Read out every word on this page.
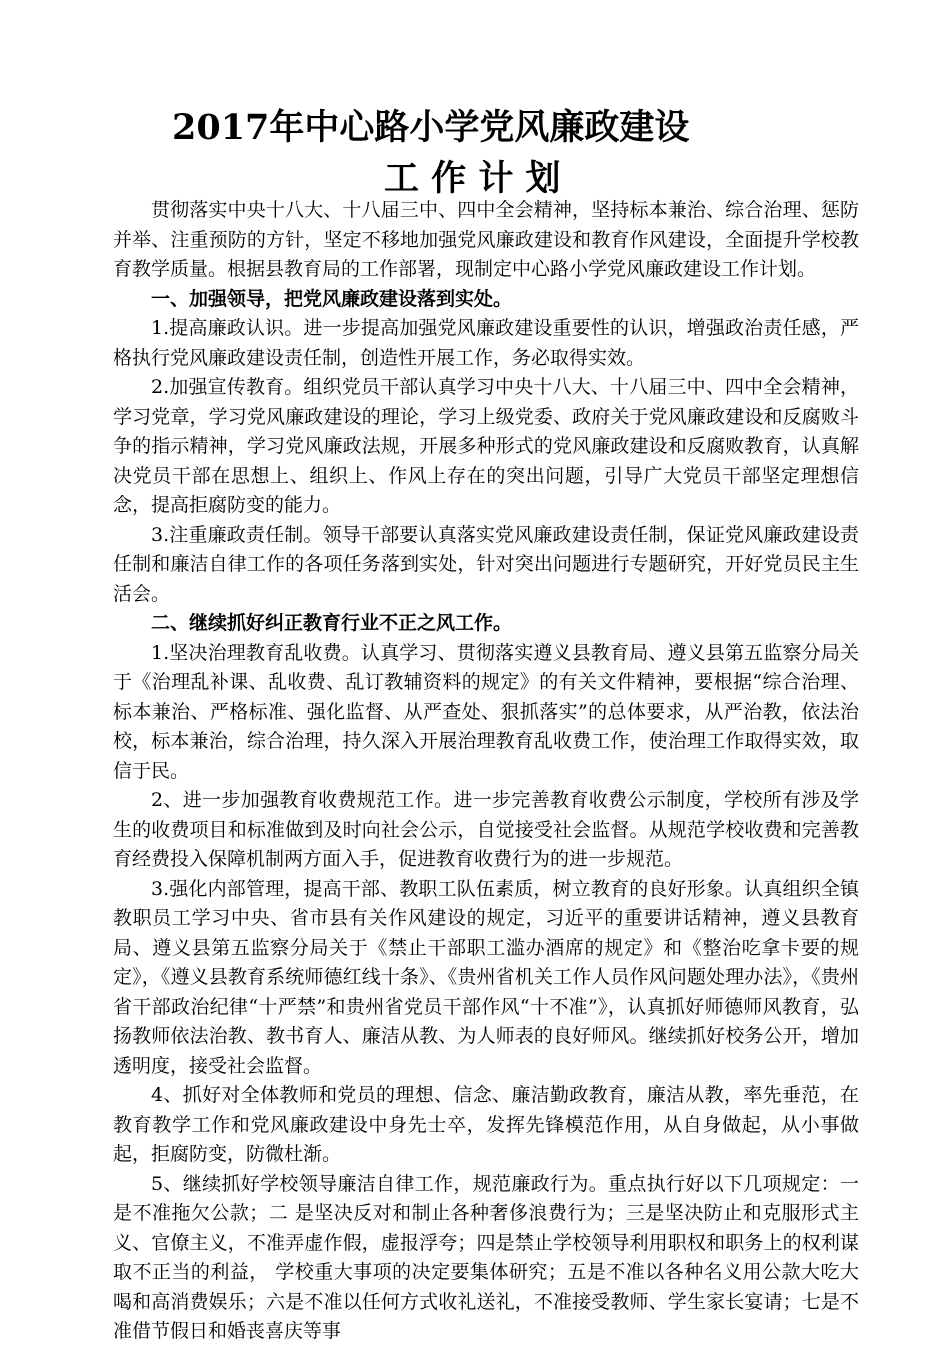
2017年中心路小学党风廉政建设
工 作 计 划

贯彻落实中央十八大、十八届三中、四中全会精神，坚持标本兼治、综合治理、惩防并举、注重预防的方针，坚定不移地加强党风廉政建设和教育作风建设，全面提升学校教育教学质量。根据县教育局的工作部署，现制定中心路小学党风廉政建设工作计划。

一、加强领导，把党风廉政建设落到实处。

1.提高廉政认识。进一步提高加强党风廉政建设重要性的认识，增强政治责任感，严格执行党风廉政建设责任制，创造性开展工作，务必取得实效。

2.加强宣传教育。组织党员干部认真学习中央十八大、十八届三中、四中全会精神，学习党章，学习党风廉政建设的理论，学习上级党委、政府关于党风廉政建设和反腐败斗争的指示精神，学习党风廉政法规，开展多种形式的党风廉政建设和反腐败教育，认真解决党员干部在思想上、组织上、作风上存在的突出问题，引导广大党员干部坚定理想信念，提高拒腐防变的能力。

3.注重廉政责任制。领导干部要认真落实党风廉政建设责任制，保证党风廉政建设责任制和廉洁自律工作的各项任务落到实处，针对突出问题进行专题研究，开好党员民主生活会。

二、继续抓好纠正教育行业不正之风工作。

1.坚决治理教育乱收费。认真学习、贯彻落实遵义县教育局、遵义县第五监察分局关于《治理乱补课、乱收费、乱订教辅资料的规定》的有关文件精神，要根据“综合治理、标本兼治、严格标准、强化监督、从严查处、狠抓落实”的总体要求，从严治教，依法治校，标本兼治，综合治理，持久深入开展治理教育乱收费工作，使治理工作取得实效，取信于民。

2、进一步加强教育收费规范工作。进一步完善教育收费公示制度，学校所有涉及学生的收费项目和标准做到及时向社会公示，自觉接受社会监督。从规范学校收费和完善教育经费投入保障机制两方面入手，促进教育收费行为的进一步规范。

3.强化内部管理，提高干部、教职工队伍素质，树立教育的良好形象。认真组织全镇教职员工学习中央、省市县有关作风建设的规定，习近平的重要讲话精神，遵义县教育局、遵义县第五监察分局关于《禁止干部职工滥办酒席的规定》和《整治吃拿卡要的规定》，《遵义县教育系统师德红线十条》、《贵州省机关工作人员作风问题处理办法》，《贵州省干部政治纪律“十严禁”和贵州省党员干部作风“十不准”》，认真抓好师德师风教育，弘扬教师依法治教、教书育人、廉洁从教、为人师表的良好师风。继续抓好校务公开，增加透明度，接受社会监督。

4、抓好对全体教师和党员的理想、信念、廉洁勤政教育，廉洁从教，率先垂范，在教育教学工作和党风廉政建设中身先士卒，发挥先锋模范作用，从自身做起，从小事做起，拒腐防变，防微杜渐。

5、继续抓好学校领导廉洁自律工作，规范廉政行为。重点执行好以下几项规定：一是不准拖欠公款；二 是坚决反对和制止各种奢侈浪费行为；三是坚决防止和克服形式主义、官僚主义，不准弄虚作假，虚报浮夸；四是禁止学校领导利用职权和职务上的权利谋取不正当的利益， 学校重大事项的决定要集体研究；五是不准以各种名义用公款大吃大喝和高消费娱乐；六是不准以任何方式收礼送礼，不准接受教师、学生家长宴请；七是不准借节假日和婚丧喜庆等事
